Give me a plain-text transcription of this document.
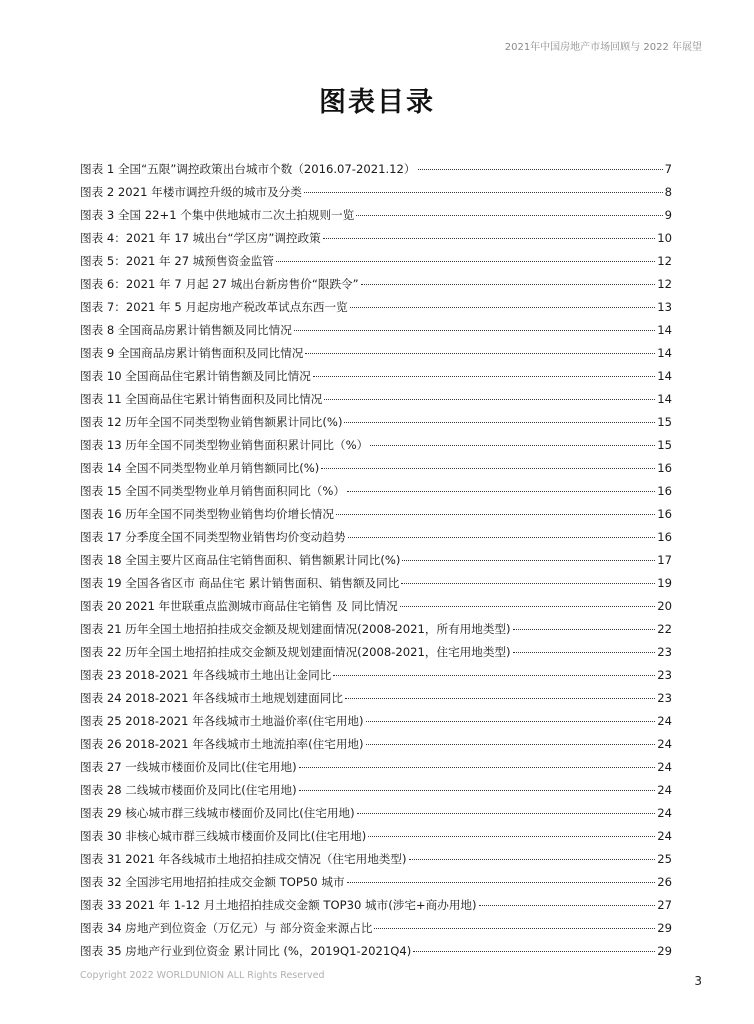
2021年中国房地产市场回顾与 2022 年展望
图表目录
图表 1 全国“五限”调控政策出台城市个数（2016.07-2021.12）	7
图表 2 2021 年楼市调控升级的城市及分类	8
图表 3 全国 22+1 个集中供地城市二次土拍规则一览	9
图表 4：2021 年 17 城出台“学区房”调控政策	10
图表 5：2021 年 27 城预售资金监管	12
图表 6：2021 年 7 月起 27 城出台新房售价“限跌令”	12
图表 7：2021 年 5 月起房地产税改革试点东西一览	13
图表 8 全国商品房累计销售额及同比情况	14
图表 9 全国商品房累计销售面积及同比情况	14
图表 10 全国商品住宅累计销售额及同比情况	14
图表 11 全国商品住宅累计销售面积及同比情况	14
图表 12 历年全国不同类型物业销售额累计同比(%)	15
图表 13 历年全国不同类型物业销售面积累计同比（%）	15
图表 14 全国不同类型物业单月销售额同比(%)	16
图表 15 全国不同类型物业单月销售面积同比（%）	16
图表 16 历年全国不同类型物业销售均价增长情况	16
图表 17 分季度全国不同类型物业销售均价变动趋势	16
图表 18 全国主要片区商品住宅销售面积、销售额累计同比(%)	17
图表 19 全国各省区市 商品住宅 累计销售面积、销售额及同比	19
图表 20 2021 年世联重点监测城市商品住宅销售 及 同比情况	20
图表 21 历年全国土地招拍挂成交金额及规划建面情况(2008-2021，所有用地类型)	22
图表 22 历年全国土地招拍挂成交金额及规划建面情况(2008-2021，住宅用地类型)	23
图表 23 2018-2021 年各线城市土地出让金同比	23
图表 24 2018-2021 年各线城市土地规划建面同比	23
图表 25 2018-2021 年各线城市土地溢价率(住宅用地)	24
图表 26 2018-2021 年各线城市土地流拍率(住宅用地)	24
图表 27 一线城市楼面价及同比(住宅用地)	24
图表 28 二线城市楼面价及同比(住宅用地)	24
图表 29 核心城市群三线城市楼面价及同比(住宅用地)	24
图表 30 非核心城市群三线城市楼面价及同比(住宅用地)	24
图表 31 2021 年各线城市土地招拍挂成交情况（住宅用地类型)	25
图表 32 全国涉宅用地招拍挂成交金额 TOP50 城市	26
图表 33 2021 年 1-12 月土地招拍挂成交金额 TOP30 城市(涉宅+商办用地)	27
图表 34 房地产到位资金（万亿元）与 部分资金来源占比	29
图表 35 房地产行业到位资金 累计同比 (%，2019Q1-2021Q4)	29
Copyright 2022 WORLDUNION ALL Rights Reserved	3
